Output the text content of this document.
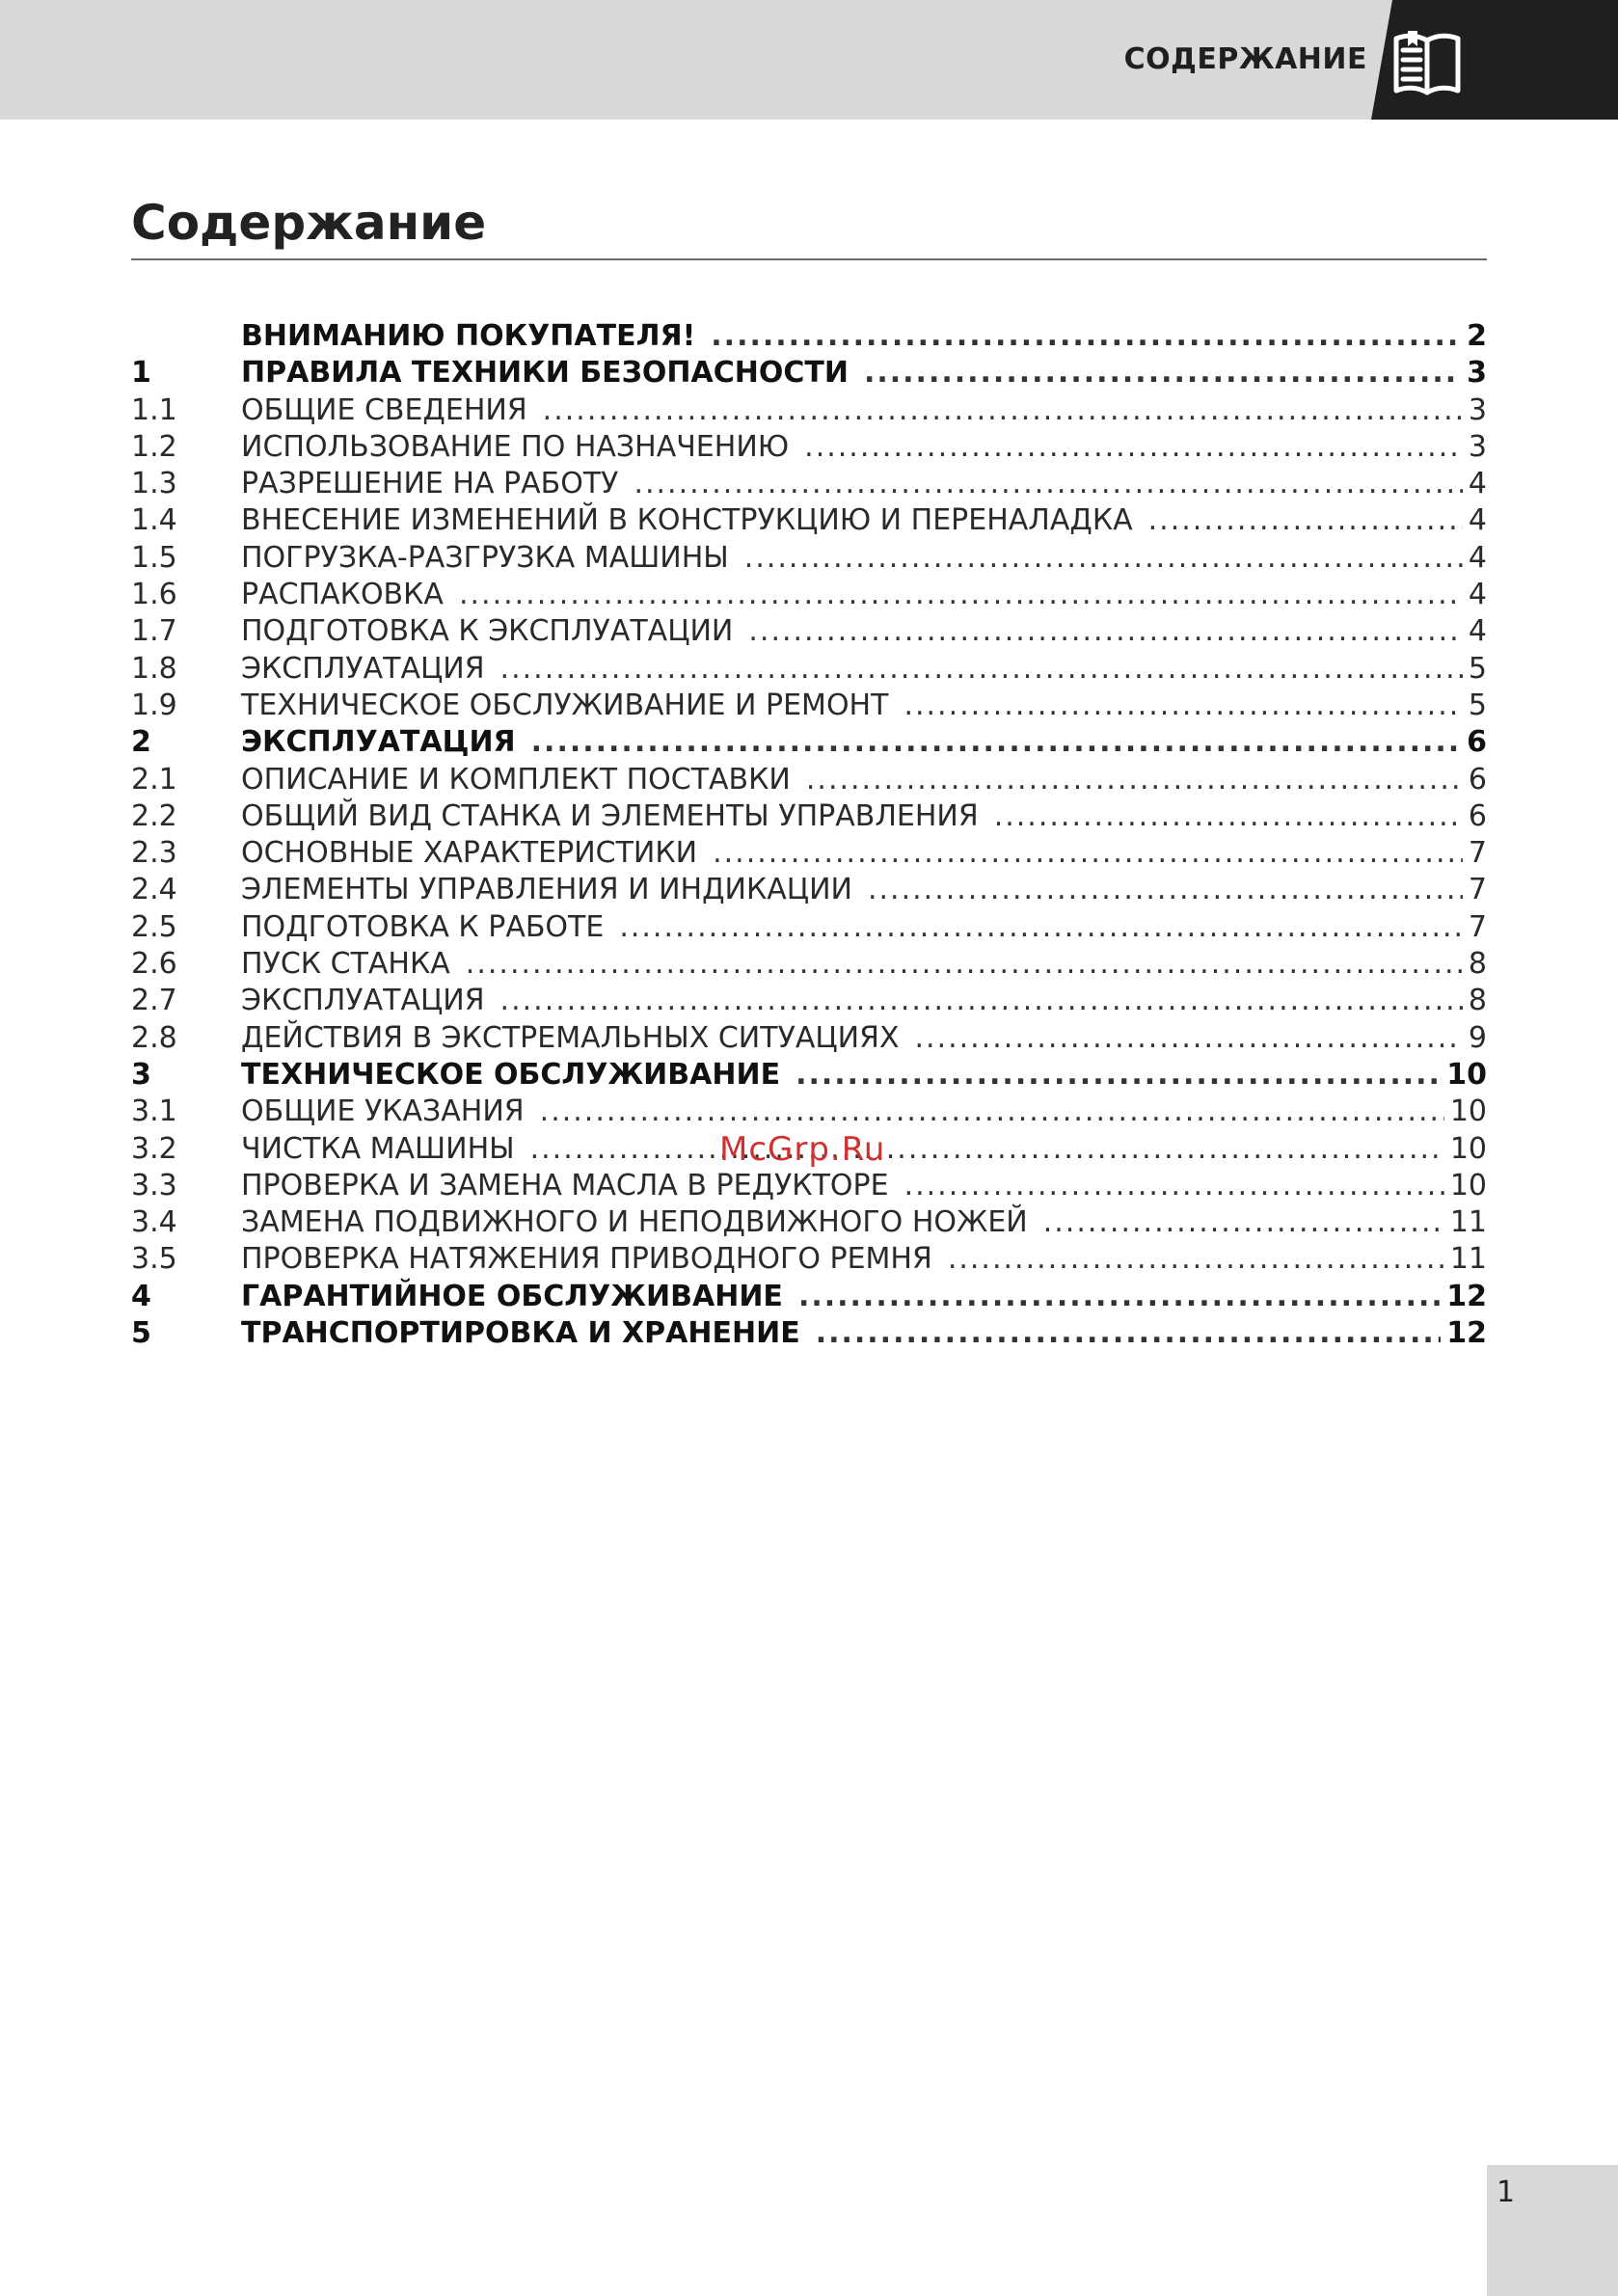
СОДЕРЖАНИЕ
Содержание
ВНИМАНИЮ ПОКУПАТЕЛЯ! .....	2
1	ПРАВИЛА ТЕХНИКИ БЕЗОПАСНОСТИ .....	3
1.1	ОБЩИЕ СВЕДЕНИЯ .....	3
1.2	ИСПОЛЬЗОВАНИЕ ПО НАЗНАЧЕНИЮ .....	3
1.3	РАЗРЕШЕНИЕ НА РАБОТУ .....	4
1.4	ВНЕСЕНИЕ ИЗМЕНЕНИЙ В КОНСТРУКЦИЮ И ПЕРЕНАЛАДКА .....	4
1.5	ПОГРУЗКА-РАЗГРУЗКА МАШИНЫ .....	4
1.6	РАСПАКОВКА .....	4
1.7	ПОДГОТОВКА К ЭКСПЛУАТАЦИИ .....	4
1.8	ЭКСПЛУАТАЦИЯ .....	5
1.9	ТЕХНИЧЕСКОЕ ОБСЛУЖИВАНИЕ И РЕМОНТ .....	5
2	ЭКСПЛУАТАЦИЯ .....	6
2.1	ОПИСАНИЕ И КОМПЛЕКТ ПОСТАВКИ .....	6
2.2	ОБЩИЙ ВИД СТАНКА И ЭЛЕМЕНТЫ УПРАВЛЕНИЯ .....	6
2.3	ОСНОВНЫЕ ХАРАКТЕРИСТИКИ .....	7
2.4	ЭЛЕМЕНТЫ УПРАВЛЕНИЯ И ИНДИКАЦИИ .....	7
2.5	ПОДГОТОВКА К РАБОТЕ .....	7
2.6	ПУСК СТАНКА .....	8
2.7	ЭКСПЛУАТАЦИЯ .....	8
2.8	ДЕЙСТВИЯ В ЭКСТРЕМАЛЬНЫХ СИТУАЦИЯХ .....	9
3	ТЕХНИЧЕСКОЕ ОБСЛУЖИВАНИЕ .....	10
3.1	ОБЩИЕ УКАЗАНИЯ .....	10
3.2	ЧИСТКА МАШИНЫ .....	10
3.3	ПРОВЕРКА И ЗАМЕНА МАСЛА В РЕДУКТОРЕ .....	10
3.4	ЗАМЕНА ПОДВИЖНОГО И НЕПОДВИЖНОГО НОЖЕЙ .....	11
3.5	ПРОВЕРКА НАТЯЖЕНИЯ ПРИВОДНОГО РЕМНЯ .....	11
4	ГАРАНТИЙНОЕ ОБСЛУЖИВАНИЕ .....	12
5	ТРАНСПОРТИРОВКА И ХРАНЕНИЕ .....	12
McGrp.Ru
1
